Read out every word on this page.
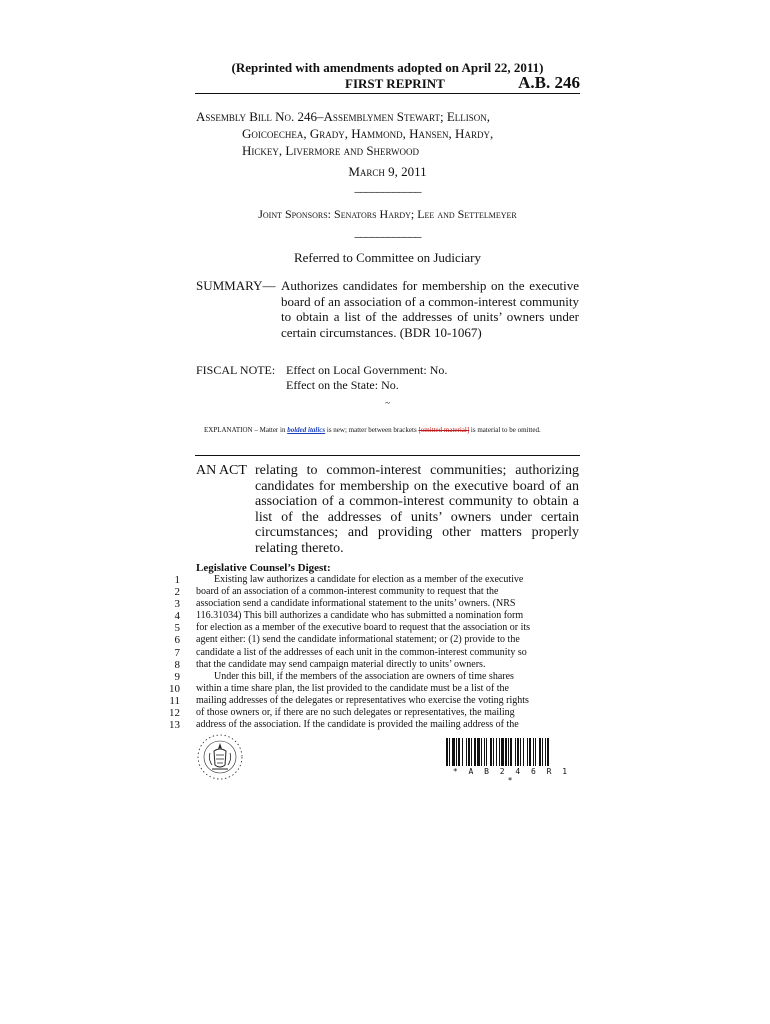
(Reprinted with amendments adopted on April 22, 2011)
FIRST REPRINT	A.B. 246
Assembly Bill No. 246–Assemblymen Stewart; Ellison,
Goicoechea, Grady, Hammond, Hansen, Hardy,
Hickey, Livermore and Sherwood
March 9, 2011
____________
Joint Sponsors: Senators Hardy; Lee and Settelmeyer
____________
Referred to Committee on Judiciary
SUMMARY— Authorizes candidates for membership on the executive board of an association of a common-interest community to obtain a list of the addresses of units’ owners under certain circumstances. (BDR 10-1067)
FISCAL NOTE: Effect on Local Government: No.
Effect on the State: No.
~
EXPLANATION – Matter in bolded italics is new; matter between brackets [omitted material] is material to be omitted.
AN ACT relating to common-interest communities; authorizing candidates for membership on the executive board of an association of a common-interest community to obtain a list of the addresses of units’ owners under certain circumstances; and providing other matters properly relating thereto.
Legislative Counsel’s Digest:
1
2
3
4
5
6
7
8
9
10
11
12
13
Existing law authorizes a candidate for election as a member of the executive
board of an association of a common-interest community to request that the
association send a candidate informational statement to the units’ owners. (NRS
116.31034) This bill authorizes a candidate who has submitted a nomination form
for election as a member of the executive board to request that the association or its
agent either: (1) send the candidate informational statement; or (2) provide to the
candidate a list of the addresses of each unit in the common-interest community so
that the candidate may send campaign material directly to units’ owners.
Under this bill, if the members of the association are owners of time shares
within a time share plan, the list provided to the candidate must be a list of the
mailing addresses of the delegates or representatives who exercise the voting rights
of those owners or, if there are no such delegates or representatives, the mailing
address of the association. If the candidate is provided the mailing address of the
* A B 2 4 6 R 1 *
